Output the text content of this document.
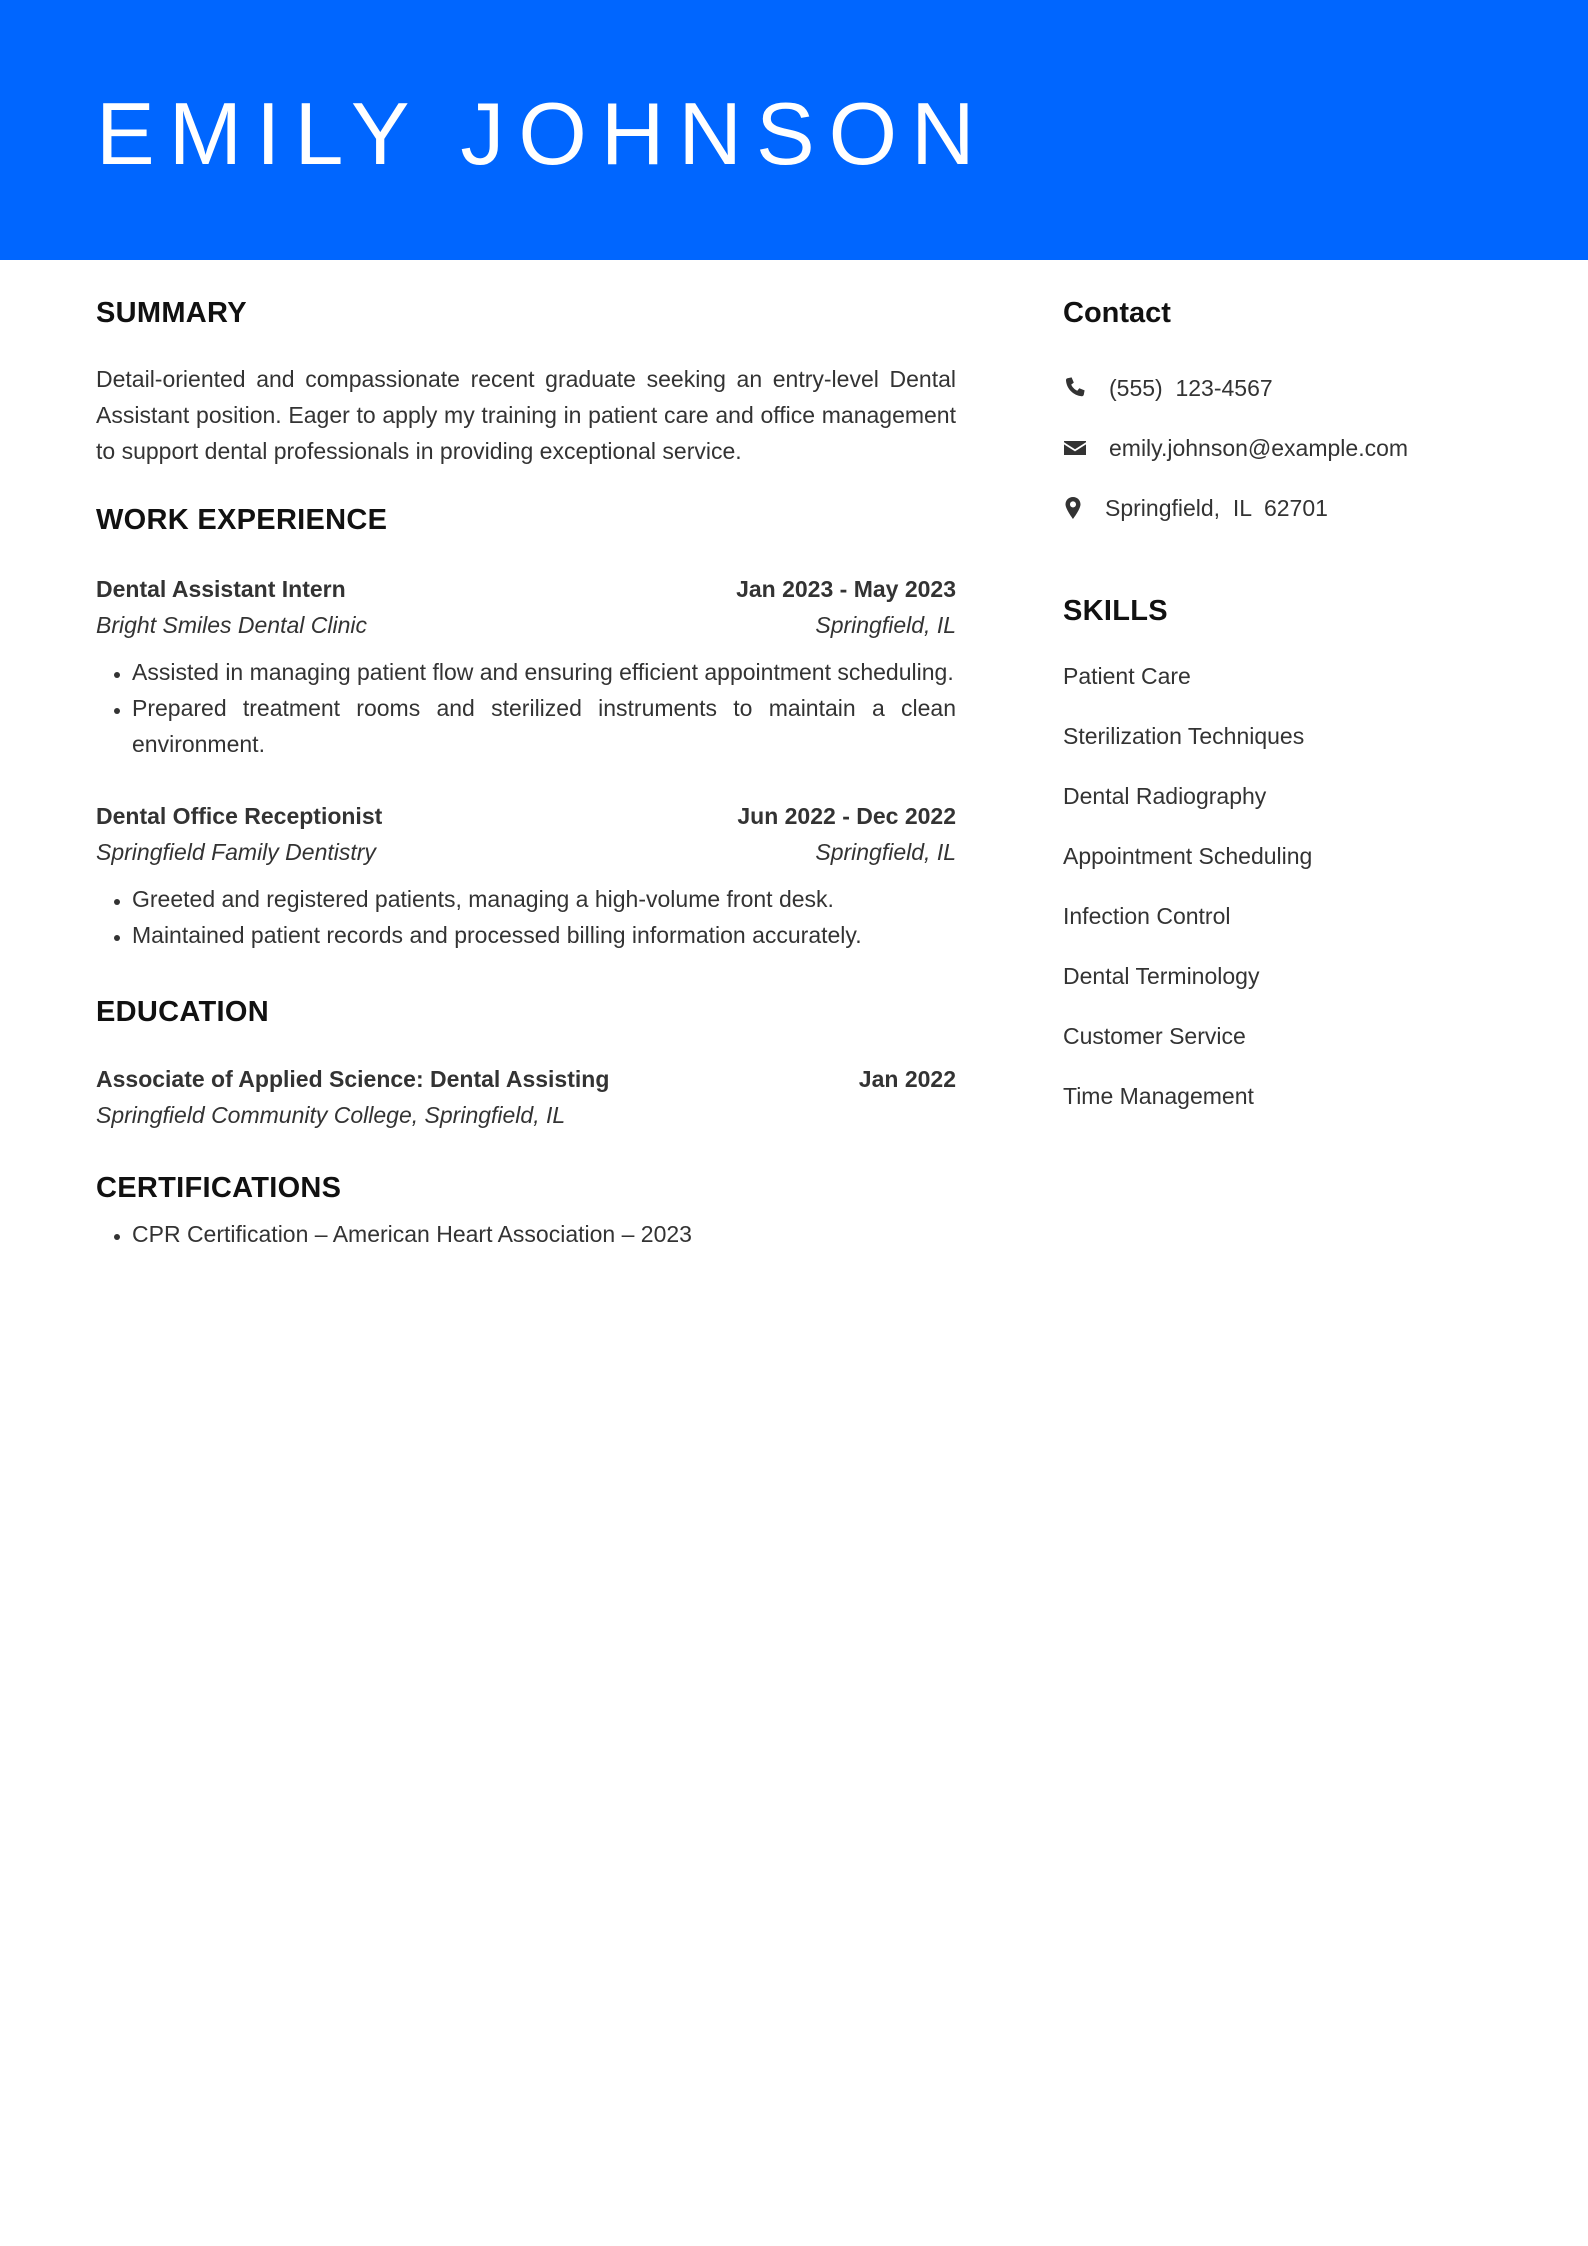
EMILY JOHNSON
SUMMARY

Detail-oriented and compassionate recent graduate seeking an entry-level Dental Assistant position. Eager to apply my training in patient care and office management to support dental professionals in providing exceptional service.

WORK EXPERIENCE
Dental Assistant Intern	Jan 2023 - May 2023
Bright Smiles Dental Clinic	Springfield, IL
• Assisted in managing patient flow and ensuring efficient appointment scheduling.
• Prepared treatment rooms and sterilized instruments to maintain a clean environment.
Dental Office Receptionist	Jun 2022 - Dec 2022
Springfield Family Dentistry	Springfield, IL
• Greeted and registered patients, managing a high-volume front desk.
• Maintained patient records and processed billing information accurately.
EDUCATION
Associate of Applied Science: Dental Assisting	Jan 2022
Springfield Community College, Springfield, IL
CERTIFICATIONS
• CPR Certification – American Heart Association – 2023
Contact
(555)  123-4567
emily.johnson@example.com
Springfield,  IL  62701
SKILLS
Patient Care
Sterilization Techniques
Dental Radiography
Appointment Scheduling
Infection Control
Dental Terminology
Customer Service
Time Management
